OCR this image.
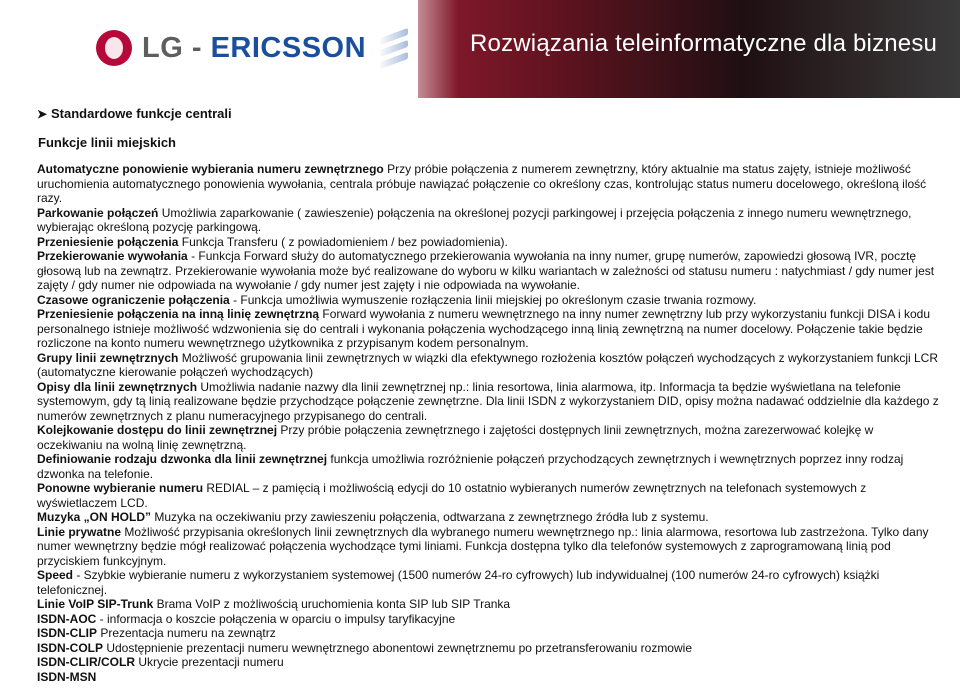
LG - ERICSSON	Rozwiązania teleinformatyczne dla biznesu
➤ Standardowe funkcje centrali
Funkcje linii miejskich

Automatyczne ponowienie wybierania numeru zewnętrznego Przy próbie połączenia z numerem zewnętrzny, który aktualnie ma status zajęty, istnieje możliwość uruchomienia automatycznego ponowienia wywołania, centrala próbuje nawiązać połączenie co określony czas, kontrolując status numeru docelowego, określoną ilość razy.

Parkowanie połączeń Umożliwia zaparkowanie ( zawieszenie) połączenia na określonej pozycji parkingowej i przejęcia połączenia z innego numeru wewnętrznego, wybierając określoną pozycję parkingową.

Przeniesienie połączenia Funkcja Transferu ( z powiadomieniem / bez powiadomienia).

Przekierowanie wywołania - Funkcja Forward służy do automatycznego przekierowania wywołania na inny numer, grupę numerów, zapowiedzi głosową IVR, pocztę głosową lub na zewnątrz. Przekierowanie wywołania może być realizowane do wyboru w kilku wariantach w zależności od statusu numeru : natychmiast / gdy numer jest zajęty / gdy numer nie odpowiada na wywołanie / gdy numer jest zajęty i nie odpowiada na wywołanie.

Czasowe ograniczenie połączenia - Funkcja umożliwia wymuszenie rozłączenia linii miejskiej po określonym czasie trwania rozmowy.

Przeniesienie połączenia na inną linię zewnętrzną Forward wywołania z numeru wewnętrznego na inny numer zewnętrzny lub przy wykorzystaniu funkcji DISA i kodu personalnego istnieje możliwość wdzwonienia się do centrali i wykonania połączenia wychodzącego inną linią zewnętrzną na numer docelowy. Połączenie takie będzie rozliczone na konto numeru wewnętrznego użytkownika z przypisanym kodem personalnym.

Grupy linii zewnętrznych Możliwość grupowania linii zewnętrznych w wiązki dla efektywnego rozłożenia kosztów połączeń wychodzących z wykorzystaniem funkcji LCR (automatyczne kierowanie połączeń wychodzących)

Opisy dla linii zewnętrznych Umożliwia nadanie nazwy dla linii zewnętrznej np.: linia resortowa, linia alarmowa, itp. Informacja ta będzie wyświetlana na telefonie systemowym, gdy tą linią realizowane będzie przychodzące połączenie zewnętrzne. Dla linii ISDN z wykorzystaniem DID, opisy można nadawać oddzielnie dla każdego z numerów zewnętrznych z planu numeracyjnego przypisanego do centrali.

Kolejkowanie dostępu do linii zewnętrznej Przy próbie połączenia zewnętrznego i zajętości dostępnych linii zewnętrznych, można zarezerwować kolejkę w oczekiwaniu na wolną linię zewnętrzną.

Definiowanie rodzaju dzwonka dla linii zewnętrznej funkcja umożliwia rozróżnienie połączeń przychodzących zewnętrznych i wewnętrznych poprzez inny rodzaj dzwonka na telefonie.

Ponowne wybieranie numeru REDIAL – z pamięcią i możliwością edycji do 10 ostatnio wybieranych numerów zewnętrznych na telefonach systemowych z wyświetlaczem LCD.

Muzyka „ON HOLD” Muzyka na oczekiwaniu przy zawieszeniu połączenia, odtwarzana z zewnętrznego źródła lub z systemu.

Linie prywatne Możliwość przypisania określonych linii zewnętrznych dla wybranego numeru wewnętrznego np.: linia alarmowa, resortowa lub zastrzeżona. Tylko dany numer wewnętrzny będzie mógł realizować połączenia wychodzące tymi liniami. Funkcja dostępna tylko dla telefonów systemowych z zaprogramowaną linią pod przyciskiem funkcyjnym.

Speed - Szybkie wybieranie numeru z wykorzystaniem systemowej (1500 numerów 24-ro cyfrowych) lub indywidualnej (100 numerów 24-ro cyfrowych) książki telefonicznej.

Linie VoIP SIP-Trunk Brama VoIP z możliwością uruchomienia konta SIP lub SIP Tranka

ISDN-AOC - informacja o koszcie połączenia w oparciu o impulsy taryfikacyjne

ISDN-CLIP Prezentacja numeru na zewnątrz

ISDN-COLP Udostępnienie prezentacji numeru wewnętrznego abonentowi zewnętrznemu po przetransferowaniu rozmowie

ISDN-CLIR/COLR Ukrycie prezentacji numeru

ISDN-MSN
